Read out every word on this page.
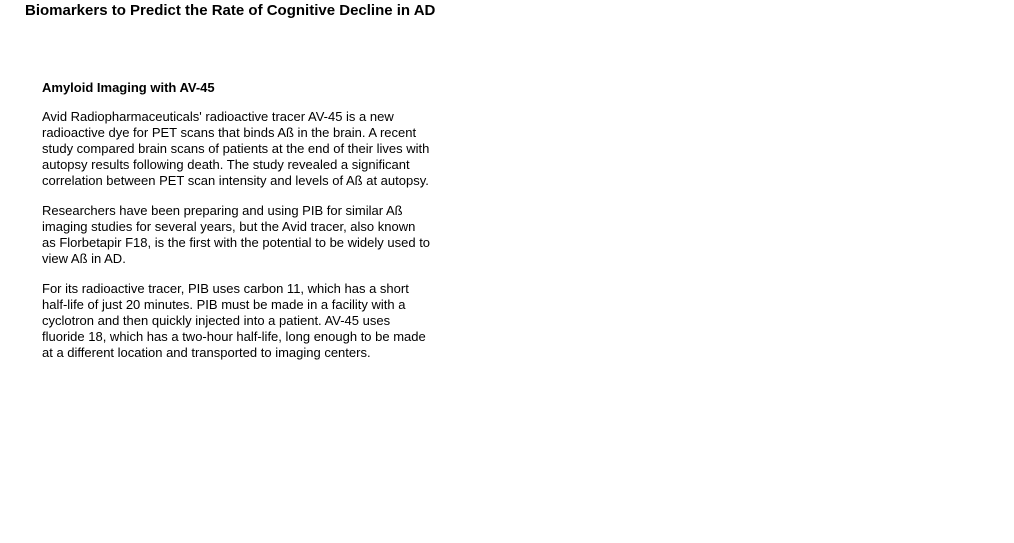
Biomarkers to Predict the Rate of Cognitive Decline in AD
Amyloid Imaging with AV-45

Avid Radiopharmaceuticals' radioactive tracer AV-45 is a new
radioactive dye for PET scans that binds Aß in the brain. A recent
study compared brain scans of patients at the end of their lives with
autopsy results following death. The study revealed a significant
correlation between PET scan intensity and levels of Aß at autopsy.

Researchers have been preparing and using PIB for similar Aß
imaging studies for several years, but the Avid tracer, also known
as Florbetapir F18, is the first with the potential to be widely used to
view Aß in AD.

For its radioactive tracer, PIB uses carbon 11, which has a short
half-life of just 20 minutes. PIB must be made in a facility with a
cyclotron and then quickly injected into a patient. AV-45 uses
fluoride 18, which has a two-hour half-life, long enough to be made
at a different location and transported to imaging centers.
